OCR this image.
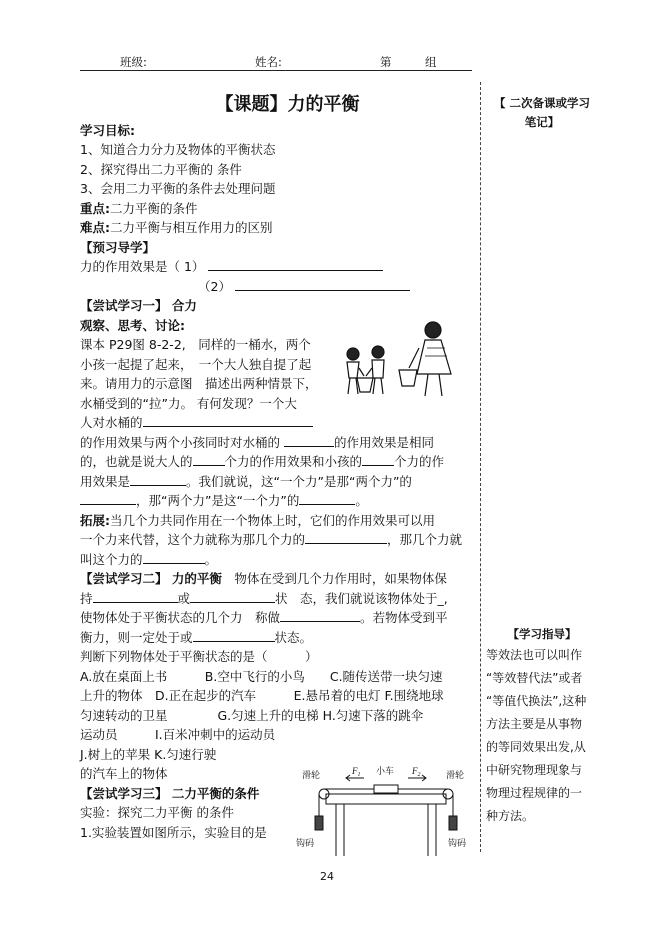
班级:	姓名:	第	组
【课题】力的平衡
学习目标:
1、知道合力分力及物体的平衡状态
2、探究得出二力平衡的 条件
3、会用二力平衡的条件去处理问题
重点:二力平衡的条件
难点:二力平衡与相互作用力的区别
【预习导学】
力的作用效果是（ 1）
（2）
【尝试学习一】 合力
观察、思考、讨论:
课本 P29图 8-2-2,　同样的一桶水，两个
小孩一起提了起来，　一个大人独自提了起
来。请用力的示意图　描述出两种情景下，
水桶受到的“拉”力。 有何发现？一个大
人对水桶的
的作用效果与两个小孩同时对水桶的	的作用效果是相同
的，也就是说大人的	个力的作用效果和小孩的	个力的作
用效果是	。我们就说，这“一个力”是那“两个力”的
，那“两个力”是这“一个力”的	。
拓展:当几个力共同作用在一个物体上时，它们的作用效果可以用
一个力来代替，这个力就称为那几个力的	，那几个力就
叫这个力的	。
【尝试学习二】 力的平衡　 物体在受到几个力作用时，如果物体保
持	或	状　态，我们就说该物体处于_,
使物体处于平衡状态的几个力　称做	。若物体受到平
衡力，则一定处于或	状态。
判断下列物体处于平衡状态的是（　　　）
A.放在桌面上书　　　B.空中飞行的小鸟　　C.随传送带一块匀速
上升的物体　D.正在起步的汽车　　　E.悬吊着的电灯 F.围绕地球
匀速转动的卫星　　　　G.匀速上升的电梯 H.匀速下落的跳伞
运动员　　　I.百米冲刺中的运动员
J.树上的苹果 K.匀速行驶
的汽车上的物体
【尝试学习三】 二力平衡的条件
实验：探究二力平衡 的条件
1.实验装置如图所示，实验目的是
滑轮	滑轮
小车
$F_1$	$F_2$
钩码	钩码
【 二次备课或学习
笔记】
【学习指导】

等效法也可以叫作

“等效替代法”或者

“等值代换法”,这种

方法主要是从事物

的等同效果出发,从

中研究物理现象与

物理过程规律的一

种方法。

24
